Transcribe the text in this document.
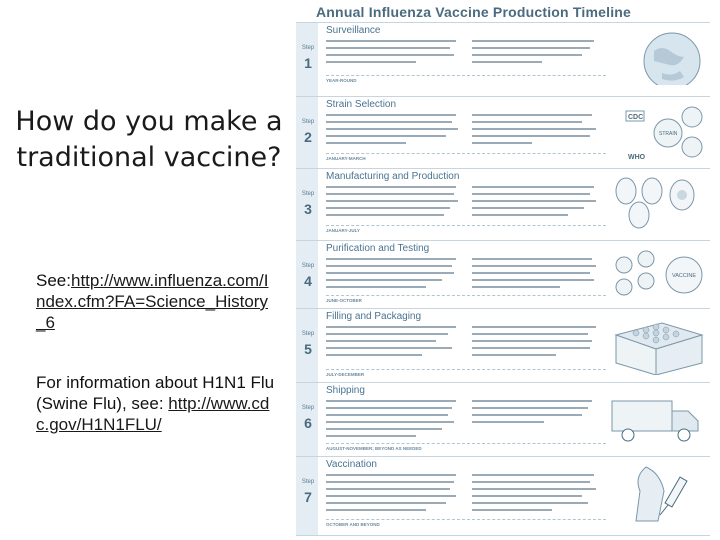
How do you make a traditional vaccine?
See:http://www.influenza.com/Index.cfm?FA=Science_History_6
For information about H1N1 Flu (Swine Flu), see: http://www.cdc.gov/H1N1FLU/
Annual Influenza Vaccine Production Timeline
Step
1
Surveillance
YEAR-ROUND
Step
2
Strain Selection
JANUARY-MARCH
CDC
WHO
STRAIN
Step
3
Manufacturing and Production
JANUARY-JULY
Step
4
Purification and Testing
JUNE-OCTOBER
VACCINE
Step
5
Filling and Packaging
JULY-DECEMBER
Step
6
Shipping
AUGUST-NOVEMBER; BEYOND AS NEEDED
Step
7
Vaccination
OCTOBER AND BEYOND
